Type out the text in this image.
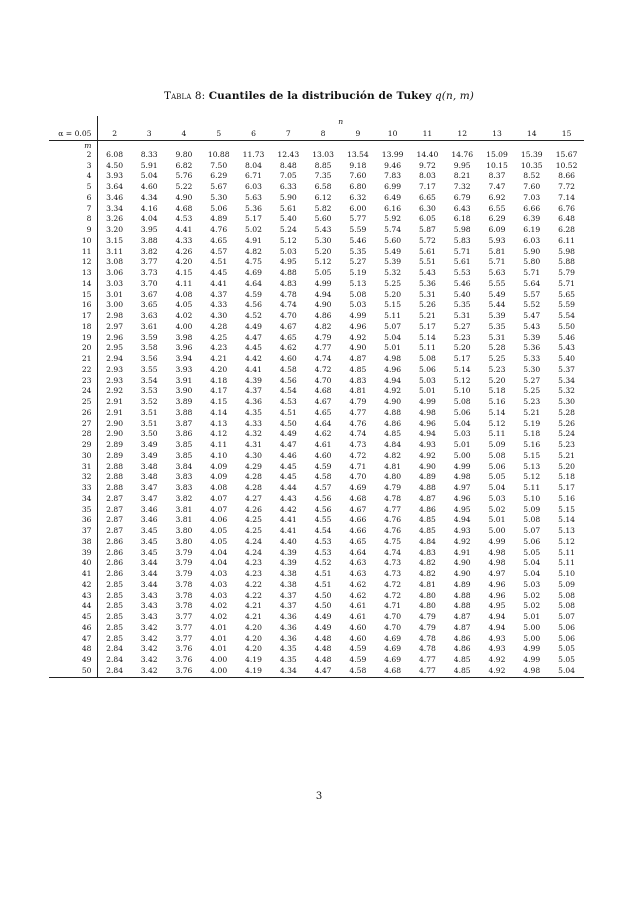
Tabla 8: Cuantiles de la distribución de Tukey q(n, m)
	n													
α = 0.05	2	3	4	5	6	7	8	9	10	11	12	13	14	15
m														
2	6.08	8.33	9.80	10.88	11.73	12.43	13.03	13.54	13.99	14.40	14.76	15.09	15.39	15.67
3	4.50	5.91	6.82	7.50	8.04	8.48	8.85	9.18	9.46	9.72	9.95	10.15	10.35	10.52
4	3.93	5.04	5.76	6.29	6.71	7.05	7.35	7.60	7.83	8.03	8.21	8.37	8.52	8.66
5	3.64	4.60	5.22	5.67	6.03	6.33	6.58	6.80	6.99	7.17	7.32	7.47	7.60	7.72
6	3.46	4.34	4.90	5.30	5.63	5.90	6.12	6.32	6.49	6.65	6.79	6.92	7.03	7.14
7	3.34	4.16	4.68	5.06	5.36	5.61	5.82	6.00	6.16	6.30	6.43	6.55	6.66	6.76
8	3.26	4.04	4.53	4.89	5.17	5.40	5.60	5.77	5.92	6.05	6.18	6.29	6.39	6.48
9	3.20	3.95	4.41	4.76	5.02	5.24	5.43	5.59	5.74	5.87	5.98	6.09	6.19	6.28
10	3.15	3.88	4.33	4.65	4.91	5.12	5.30	5.46	5.60	5.72	5.83	5.93	6.03	6.11
11	3.11	3.82	4.26	4.57	4.82	5.03	5.20	5.35	5.49	5.61	5.71	5.81	5.90	5.98
12	3.08	3.77	4.20	4.51	4.75	4.95	5.12	5.27	5.39	5.51	5.61	5.71	5.80	5.88
13	3.06	3.73	4.15	4.45	4.69	4.88	5.05	5.19	5.32	5.43	5.53	5.63	5.71	5.79
14	3.03	3.70	4.11	4.41	4.64	4.83	4.99	5.13	5.25	5.36	5.46	5.55	5.64	5.71
15	3.01	3.67	4.08	4.37	4.59	4.78	4.94	5.08	5.20	5.31	5.40	5.49	5.57	5.65
16	3.00	3.65	4.05	4.33	4.56	4.74	4.90	5.03	5.15	5.26	5.35	5.44	5.52	5.59
17	2.98	3.63	4.02	4.30	4.52	4.70	4.86	4.99	5.11	5.21	5.31	5.39	5.47	5.54
18	2.97	3.61	4.00	4.28	4.49	4.67	4.82	4.96	5.07	5.17	5.27	5.35	5.43	5.50
19	2.96	3.59	3.98	4.25	4.47	4.65	4.79	4.92	5.04	5.14	5.23	5.31	5.39	5.46
20	2.95	3.58	3.96	4.23	4.45	4.62	4.77	4.90	5.01	5.11	5.20	5.28	5.36	5.43
21	2.94	3.56	3.94	4.21	4.42	4.60	4.74	4.87	4.98	5.08	5.17	5.25	5.33	5.40
22	2.93	3.55	3.93	4.20	4.41	4.58	4.72	4.85	4.96	5.06	5.14	5.23	5.30	5.37
23	2.93	3.54	3.91	4.18	4.39	4.56	4.70	4.83	4.94	5.03	5.12	5.20	5.27	5.34
24	2.92	3.53	3.90	4.17	4.37	4.54	4.68	4.81	4.92	5.01	5.10	5.18	5.25	5.32
25	2.91	3.52	3.89	4.15	4.36	4.53	4.67	4.79	4.90	4.99	5.08	5.16	5.23	5.30
26	2.91	3.51	3.88	4.14	4.35	4.51	4.65	4.77	4.88	4.98	5.06	5.14	5.21	5.28
27	2.90	3.51	3.87	4.13	4.33	4.50	4.64	4.76	4.86	4.96	5.04	5.12	5.19	5.26
28	2.90	3.50	3.86	4.12	4.32	4.49	4.62	4.74	4.85	4.94	5.03	5.11	5.18	5.24
29	2.89	3.49	3.85	4.11	4.31	4.47	4.61	4.73	4.84	4.93	5.01	5.09	5.16	5.23
30	2.89	3.49	3.85	4.10	4.30	4.46	4.60	4.72	4.82	4.92	5.00	5.08	5.15	5.21
31	2.88	3.48	3.84	4.09	4.29	4.45	4.59	4.71	4.81	4.90	4.99	5.06	5.13	5.20
32	2.88	3.48	3.83	4.09	4.28	4.45	4.58	4.70	4.80	4.89	4.98	5.05	5.12	5.18
33	2.88	3.47	3.83	4.08	4.28	4.44	4.57	4.69	4.79	4.88	4.97	5.04	5.11	5.17
34	2.87	3.47	3.82	4.07	4.27	4.43	4.56	4.68	4.78	4.87	4.96	5.03	5.10	5.16
35	2.87	3.46	3.81	4.07	4.26	4.42	4.56	4.67	4.77	4.86	4.95	5.02	5.09	5.15
36	2.87	3.46	3.81	4.06	4.25	4.41	4.55	4.66	4.76	4.85	4.94	5.01	5.08	5.14
37	2.87	3.45	3.80	4.05	4.25	4.41	4.54	4.66	4.76	4.85	4.93	5.00	5.07	5.13
38	2.86	3.45	3.80	4.05	4.24	4.40	4.53	4.65	4.75	4.84	4.92	4.99	5.06	5.12
39	2.86	3.45	3.79	4.04	4.24	4.39	4.53	4.64	4.74	4.83	4.91	4.98	5.05	5.11
40	2.86	3.44	3.79	4.04	4.23	4.39	4.52	4.63	4.73	4.82	4.90	4.98	5.04	5.11
41	2.86	3.44	3.79	4.03	4.23	4.38	4.51	4.63	4.73	4.82	4.90	4.97	5.04	5.10
42	2.85	3.44	3.78	4.03	4.22	4.38	4.51	4.62	4.72	4.81	4.89	4.96	5.03	5.09
43	2.85	3.43	3.78	4.03	4.22	4.37	4.50	4.62	4.72	4.80	4.88	4.96	5.02	5.08
44	2.85	3.43	3.78	4.02	4.21	4.37	4.50	4.61	4.71	4.80	4.88	4.95	5.02	5.08
45	2.85	3.43	3.77	4.02	4.21	4.36	4.49	4.61	4.70	4.79	4.87	4.94	5.01	5.07
46	2.85	3.42	3.77	4.01	4.20	4.36	4.49	4.60	4.70	4.79	4.87	4.94	5.00	5.06
47	2.85	3.42	3.77	4.01	4.20	4.36	4.48	4.60	4.69	4.78	4.86	4.93	5.00	5.06
48	2.84	3.42	3.76	4.01	4.20	4.35	4.48	4.59	4.69	4.78	4.86	4.93	4.99	5.05
49	2.84	3.42	3.76	4.00	4.19	4.35	4.48	4.59	4.69	4.77	4.85	4.92	4.99	5.05
50	2.84	3.42	3.76	4.00	4.19	4.34	4.47	4.58	4.68	4.77	4.85	4.92	4.98	5.04
3
